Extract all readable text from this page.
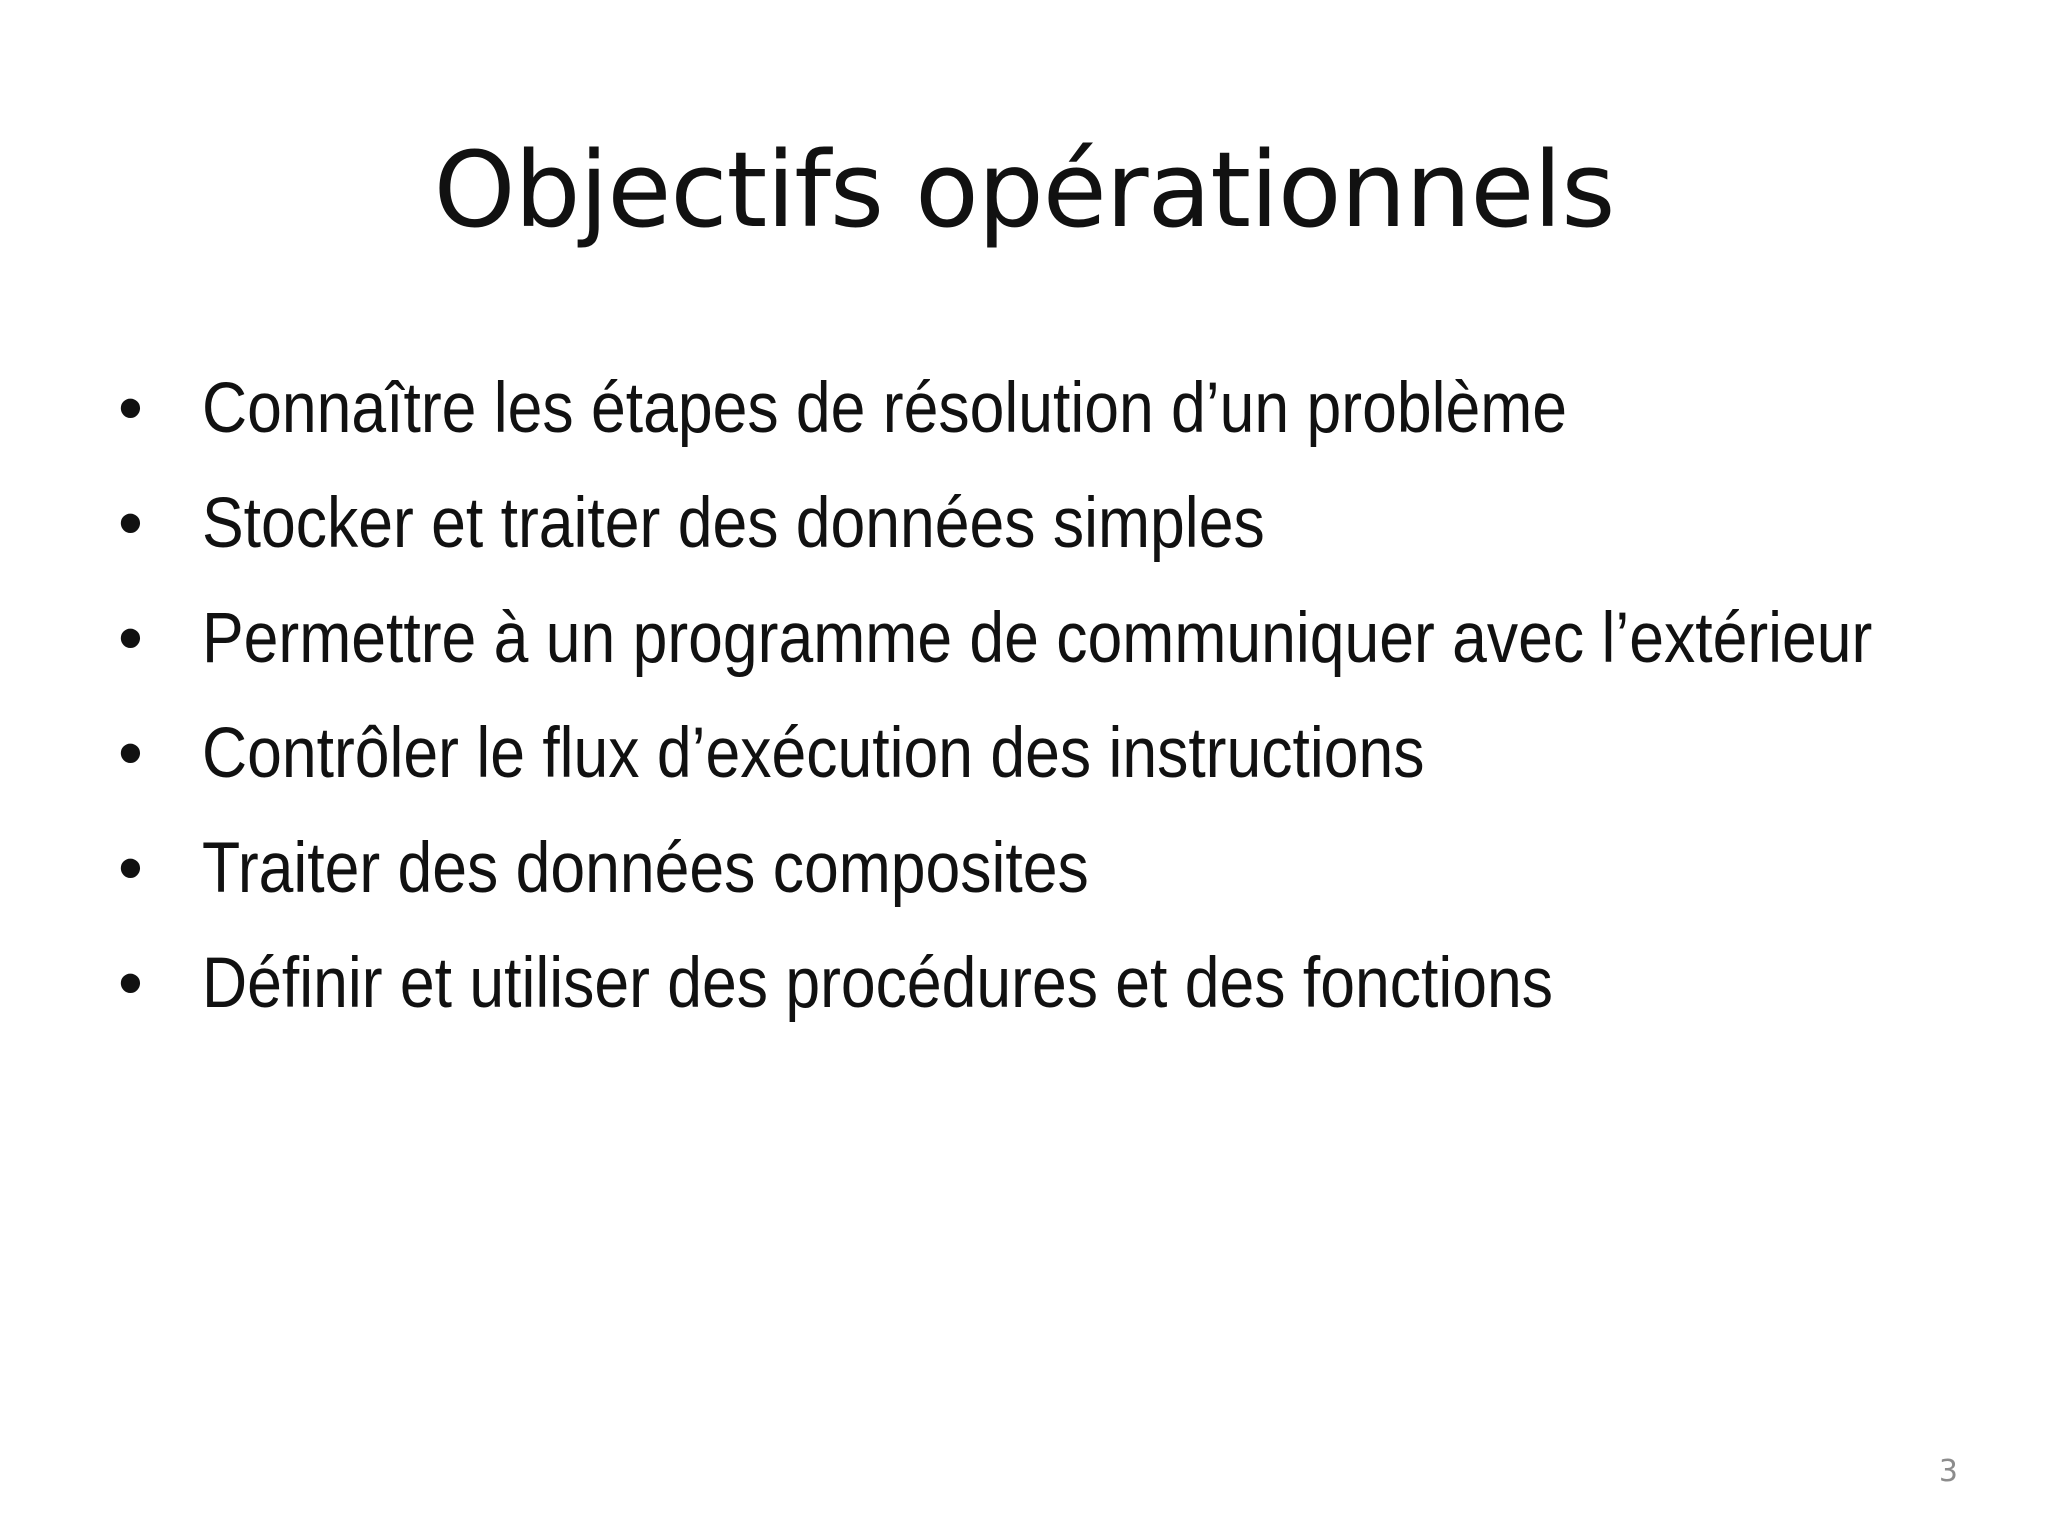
Objectifs opérationnels
• Connaître les étapes de résolution d’un problème
• Stocker et traiter des données simples
• Permettre à un programme de communiquer avec l’extérieur
• Contrôler le flux d’exécution des instructions
• Traiter des données composites
• Définir et utiliser des procédures et des fonctions
3
